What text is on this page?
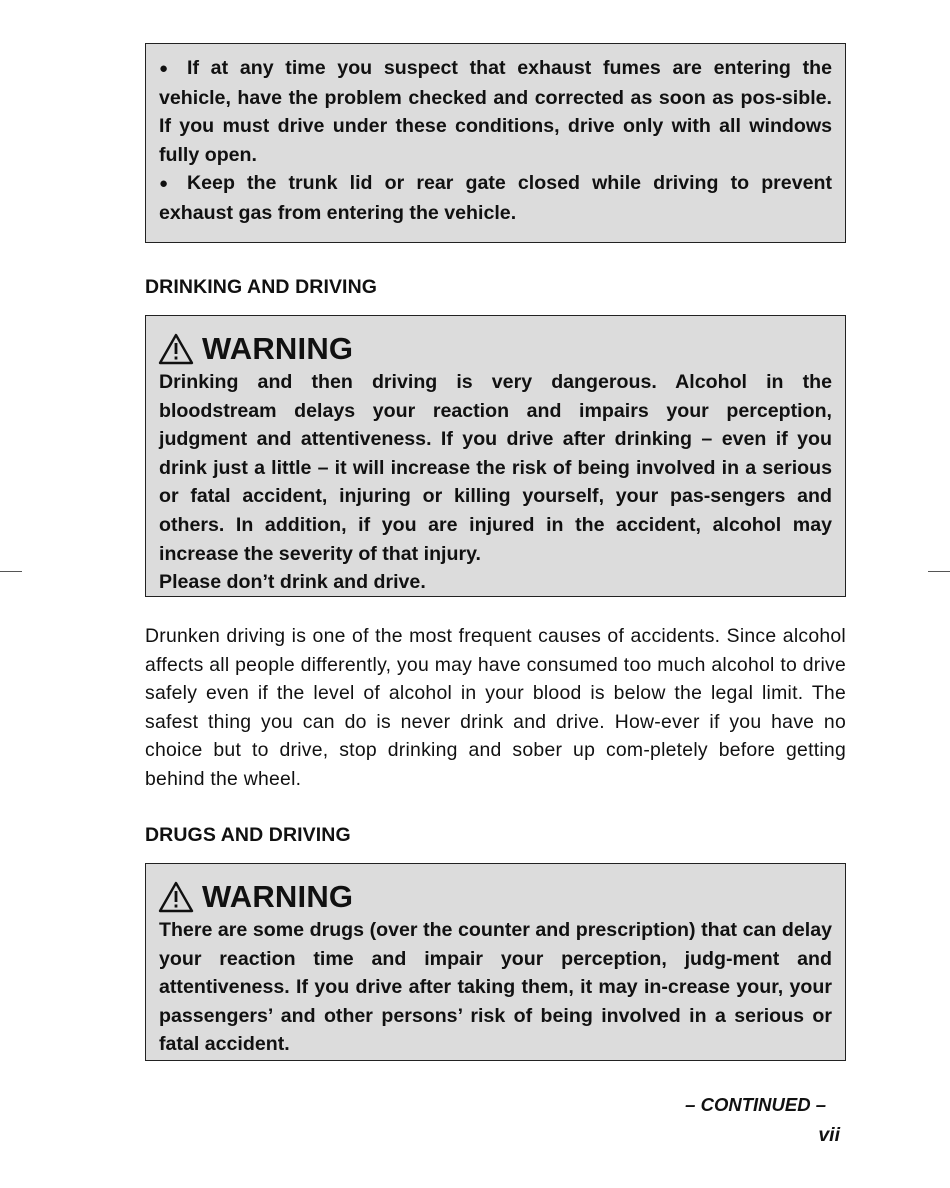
● If at any time you suspect that exhaust fumes are entering the vehicle, have the problem checked and corrected as soon as pos-sible. If you must drive under these conditions, drive only with all windows fully open.

● Keep the trunk lid or rear gate closed while driving to prevent exhaust gas from entering the vehicle.

DRINKING AND DRIVING
WARNING

Drinking and then driving is very dangerous. Alcohol in the bloodstream delays your reaction and impairs your perception, judgment and attentiveness. If you drive after drinking – even if you drink just a little – it will increase the risk of being involved in a serious or fatal accident, injuring or killing yourself, your pas-sengers and others. In addition, if you are injured in the accident, alcohol may increase the severity of that injury.

Please don’t drink and drive.

Drunken driving is one of the most frequent causes of accidents. Since alcohol affects all people differently, you may have consumed too much alcohol to drive safely even if the level of alcohol in your blood is below the legal limit. The safest thing you can do is never drink and drive. How-ever if you have no choice but to drive, stop drinking and sober up com-pletely before getting behind the wheel.

DRUGS AND DRIVING
WARNING

There are some drugs (over the counter and prescription) that can delay your reaction time and impair your perception, judg-ment and attentiveness. If you drive after taking them, it may in-crease your, your passengers’ and other persons’ risk of being involved in a serious or fatal accident.

– CONTINUED –
vii
